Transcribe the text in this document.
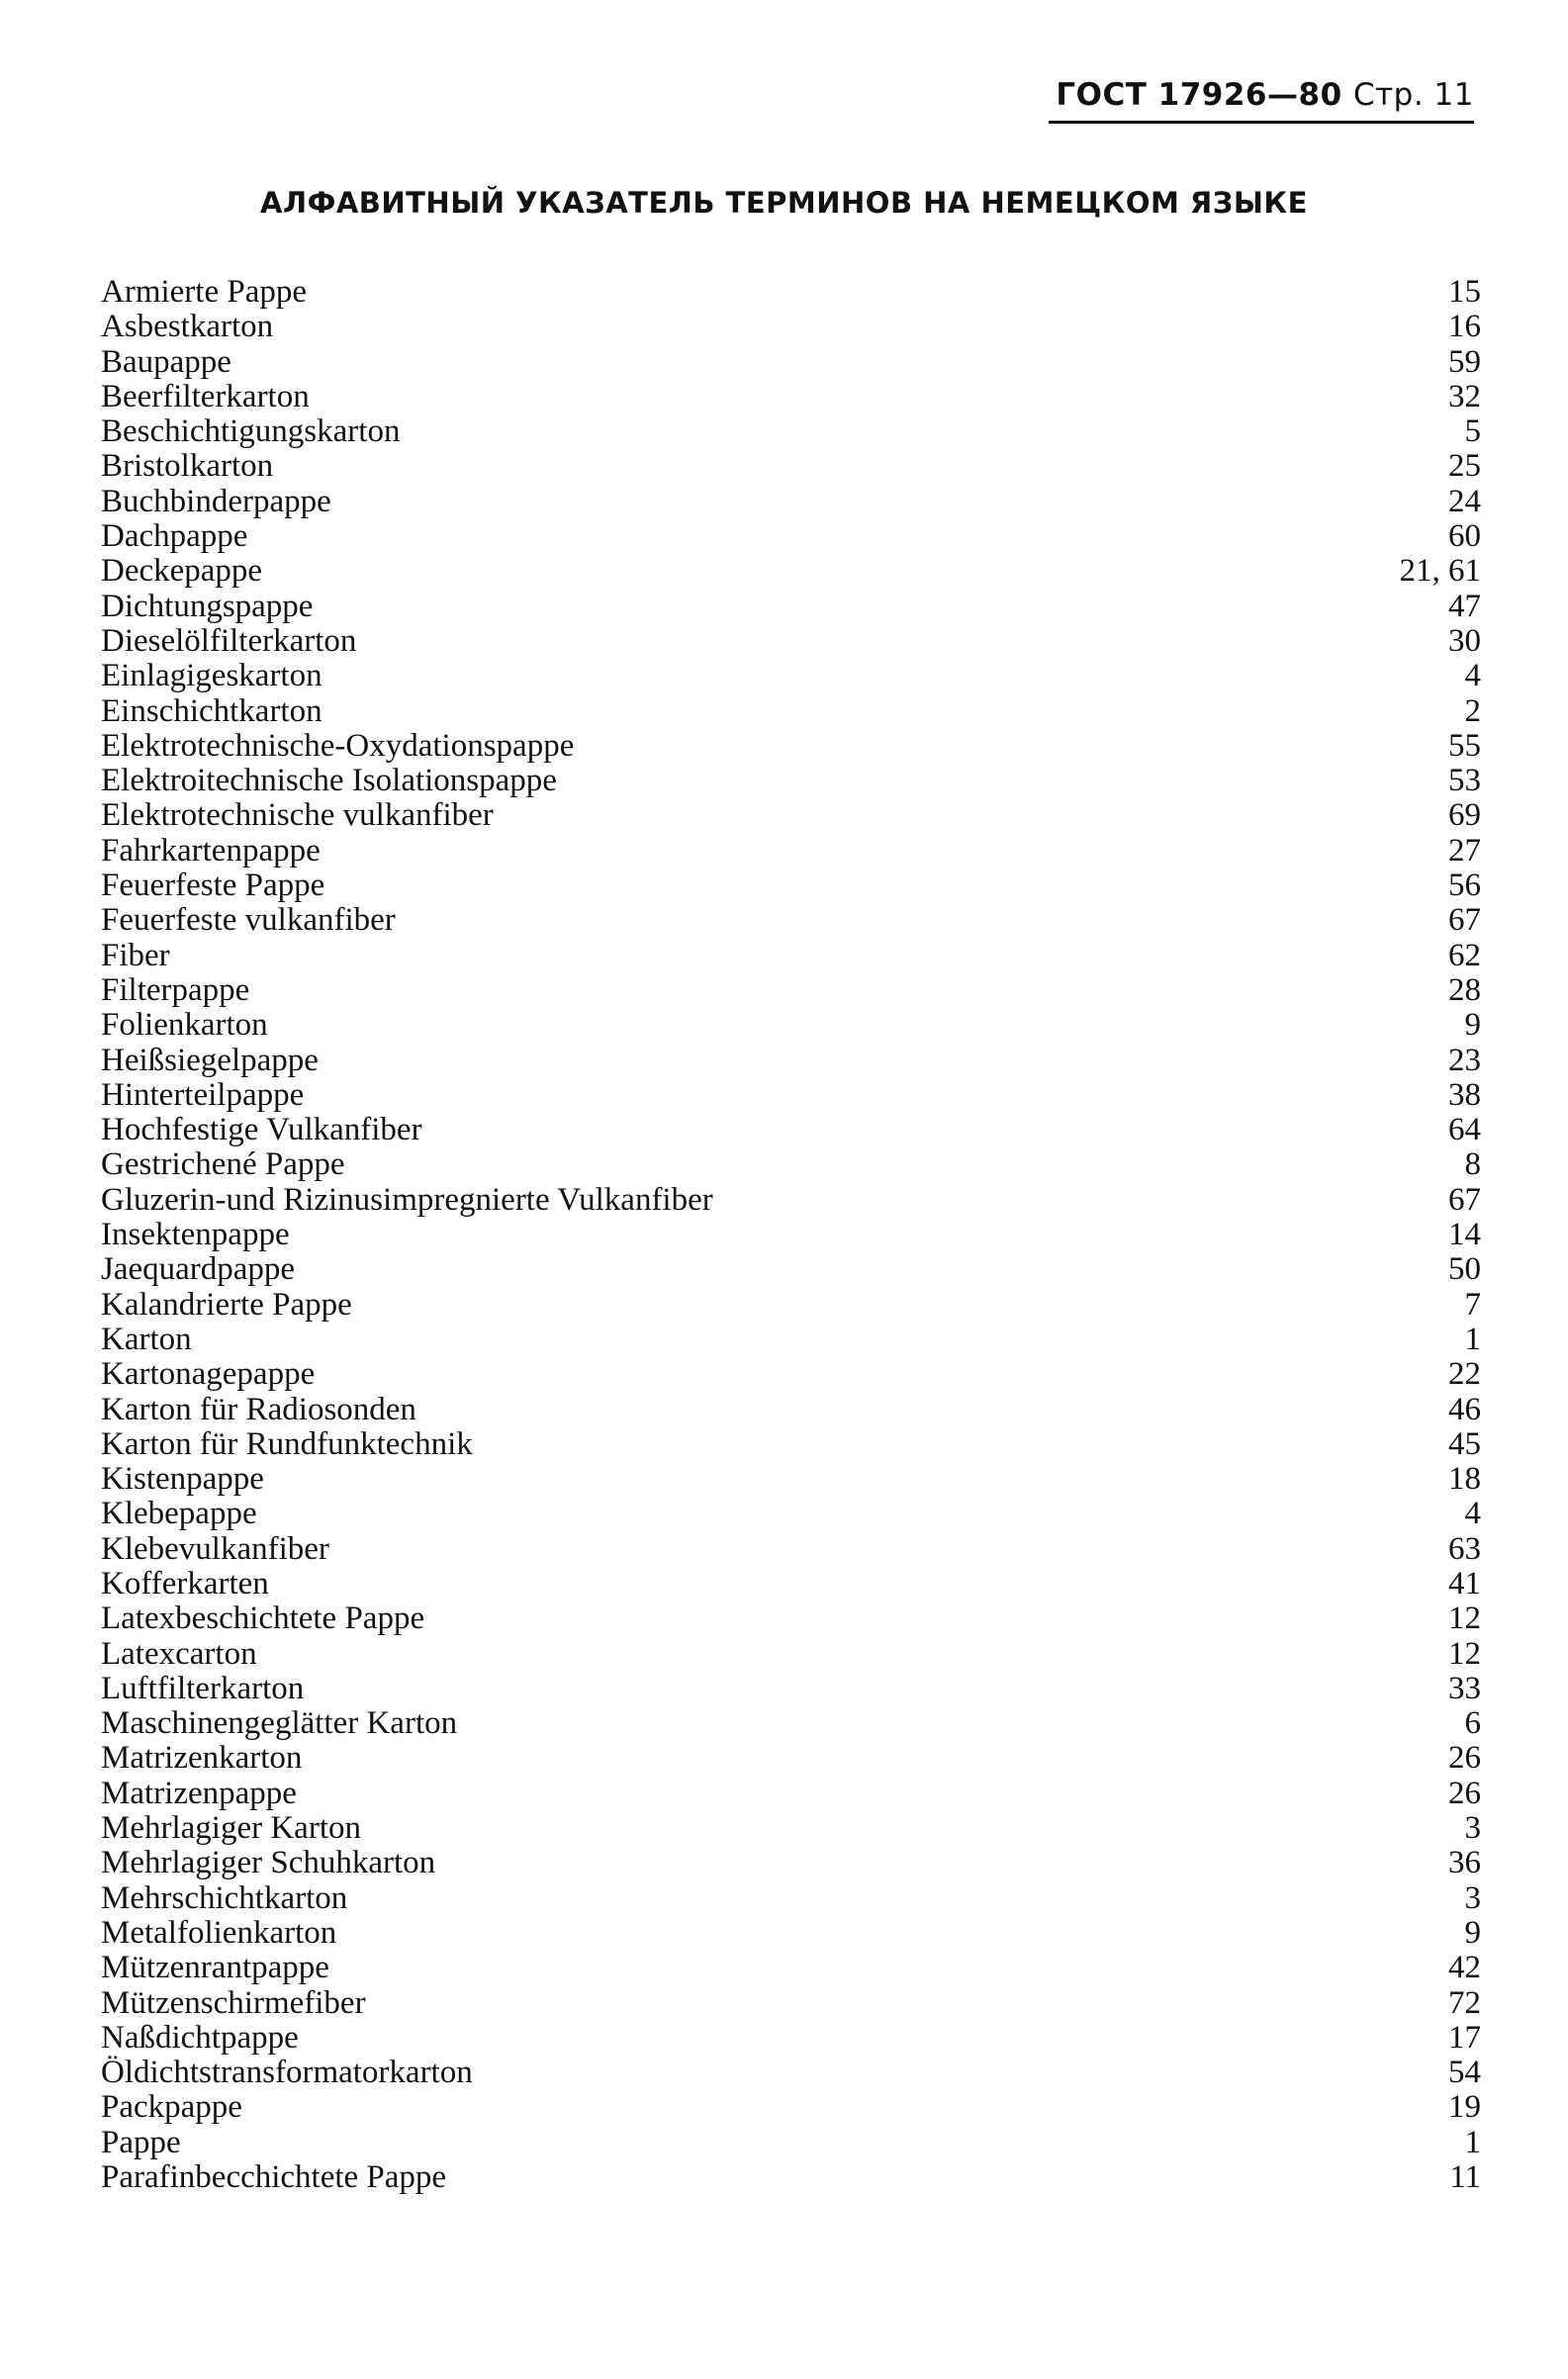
ГОСТ 17926—80 Стр. 11
АЛФАВИТНЫЙ УКАЗАТЕЛЬ ТЕРМИНОВ НА НЕМЕЦКОМ ЯЗЫКЕ
Armierte Pappe	15
Asbestkarton	16
Baupappe	59
Beerfilterkarton	32
Beschichtigungskarton	5
Bristolkarton	25
Buchbinderpappe	24
Dachpappe	60
Deckepappe	21, 61
Dichtungspappe	47
Dieselölfilterkarton	30
Einlagigeskarton	4
Einschichtkarton	2
Elektrotechnische-Oxydationspappe	55
Elektroitechnische Isolationspappe	53
Elektrotechnische vulkanfiber	69
Fahrkartenpappe	27
Feuerfeste Pappe	56
Feuerfeste vulkanfiber	67
Fiber	62
Filterpappe	28
Folienkarton	9
Heißsiegelpappe	23
Hinterteilpappe	38
Hochfestige Vulkanfiber	64
Gestrichené Pappe	8
Gluzerin-und Rizinusimpregnierte Vulkanfiber	67
Insektenpappe	14
Jaequardpappe	50
Kalandrierte Pappe	7
Karton	1
Kartonagepappe	22
Karton für Radiosonden	46
Karton für Rundfunktechnik	45
Kistenpappe	18
Klebepappe	4
Klebevulkanfiber	63
Kofferkarten	41
Latexbeschichtete Pappe	12
Latexcarton	12
Luftfilterkarton	33
Maschinengeglätter Karton	6
Matrizenkarton	26
Matrizenpappe	26
Mehrlagiger Karton	3
Mehrlagiger Schuhkarton	36
Mehrschichtkarton	3
Metalfolienkarton	9
Mützenrantpappe	42
Mützenschirmefiber	72
Naßdichtpappe	17
Öldichtstransformatorkarton	54
Packpappe	19
Pappe	1
Parafinbecchichtete Pappe	11
